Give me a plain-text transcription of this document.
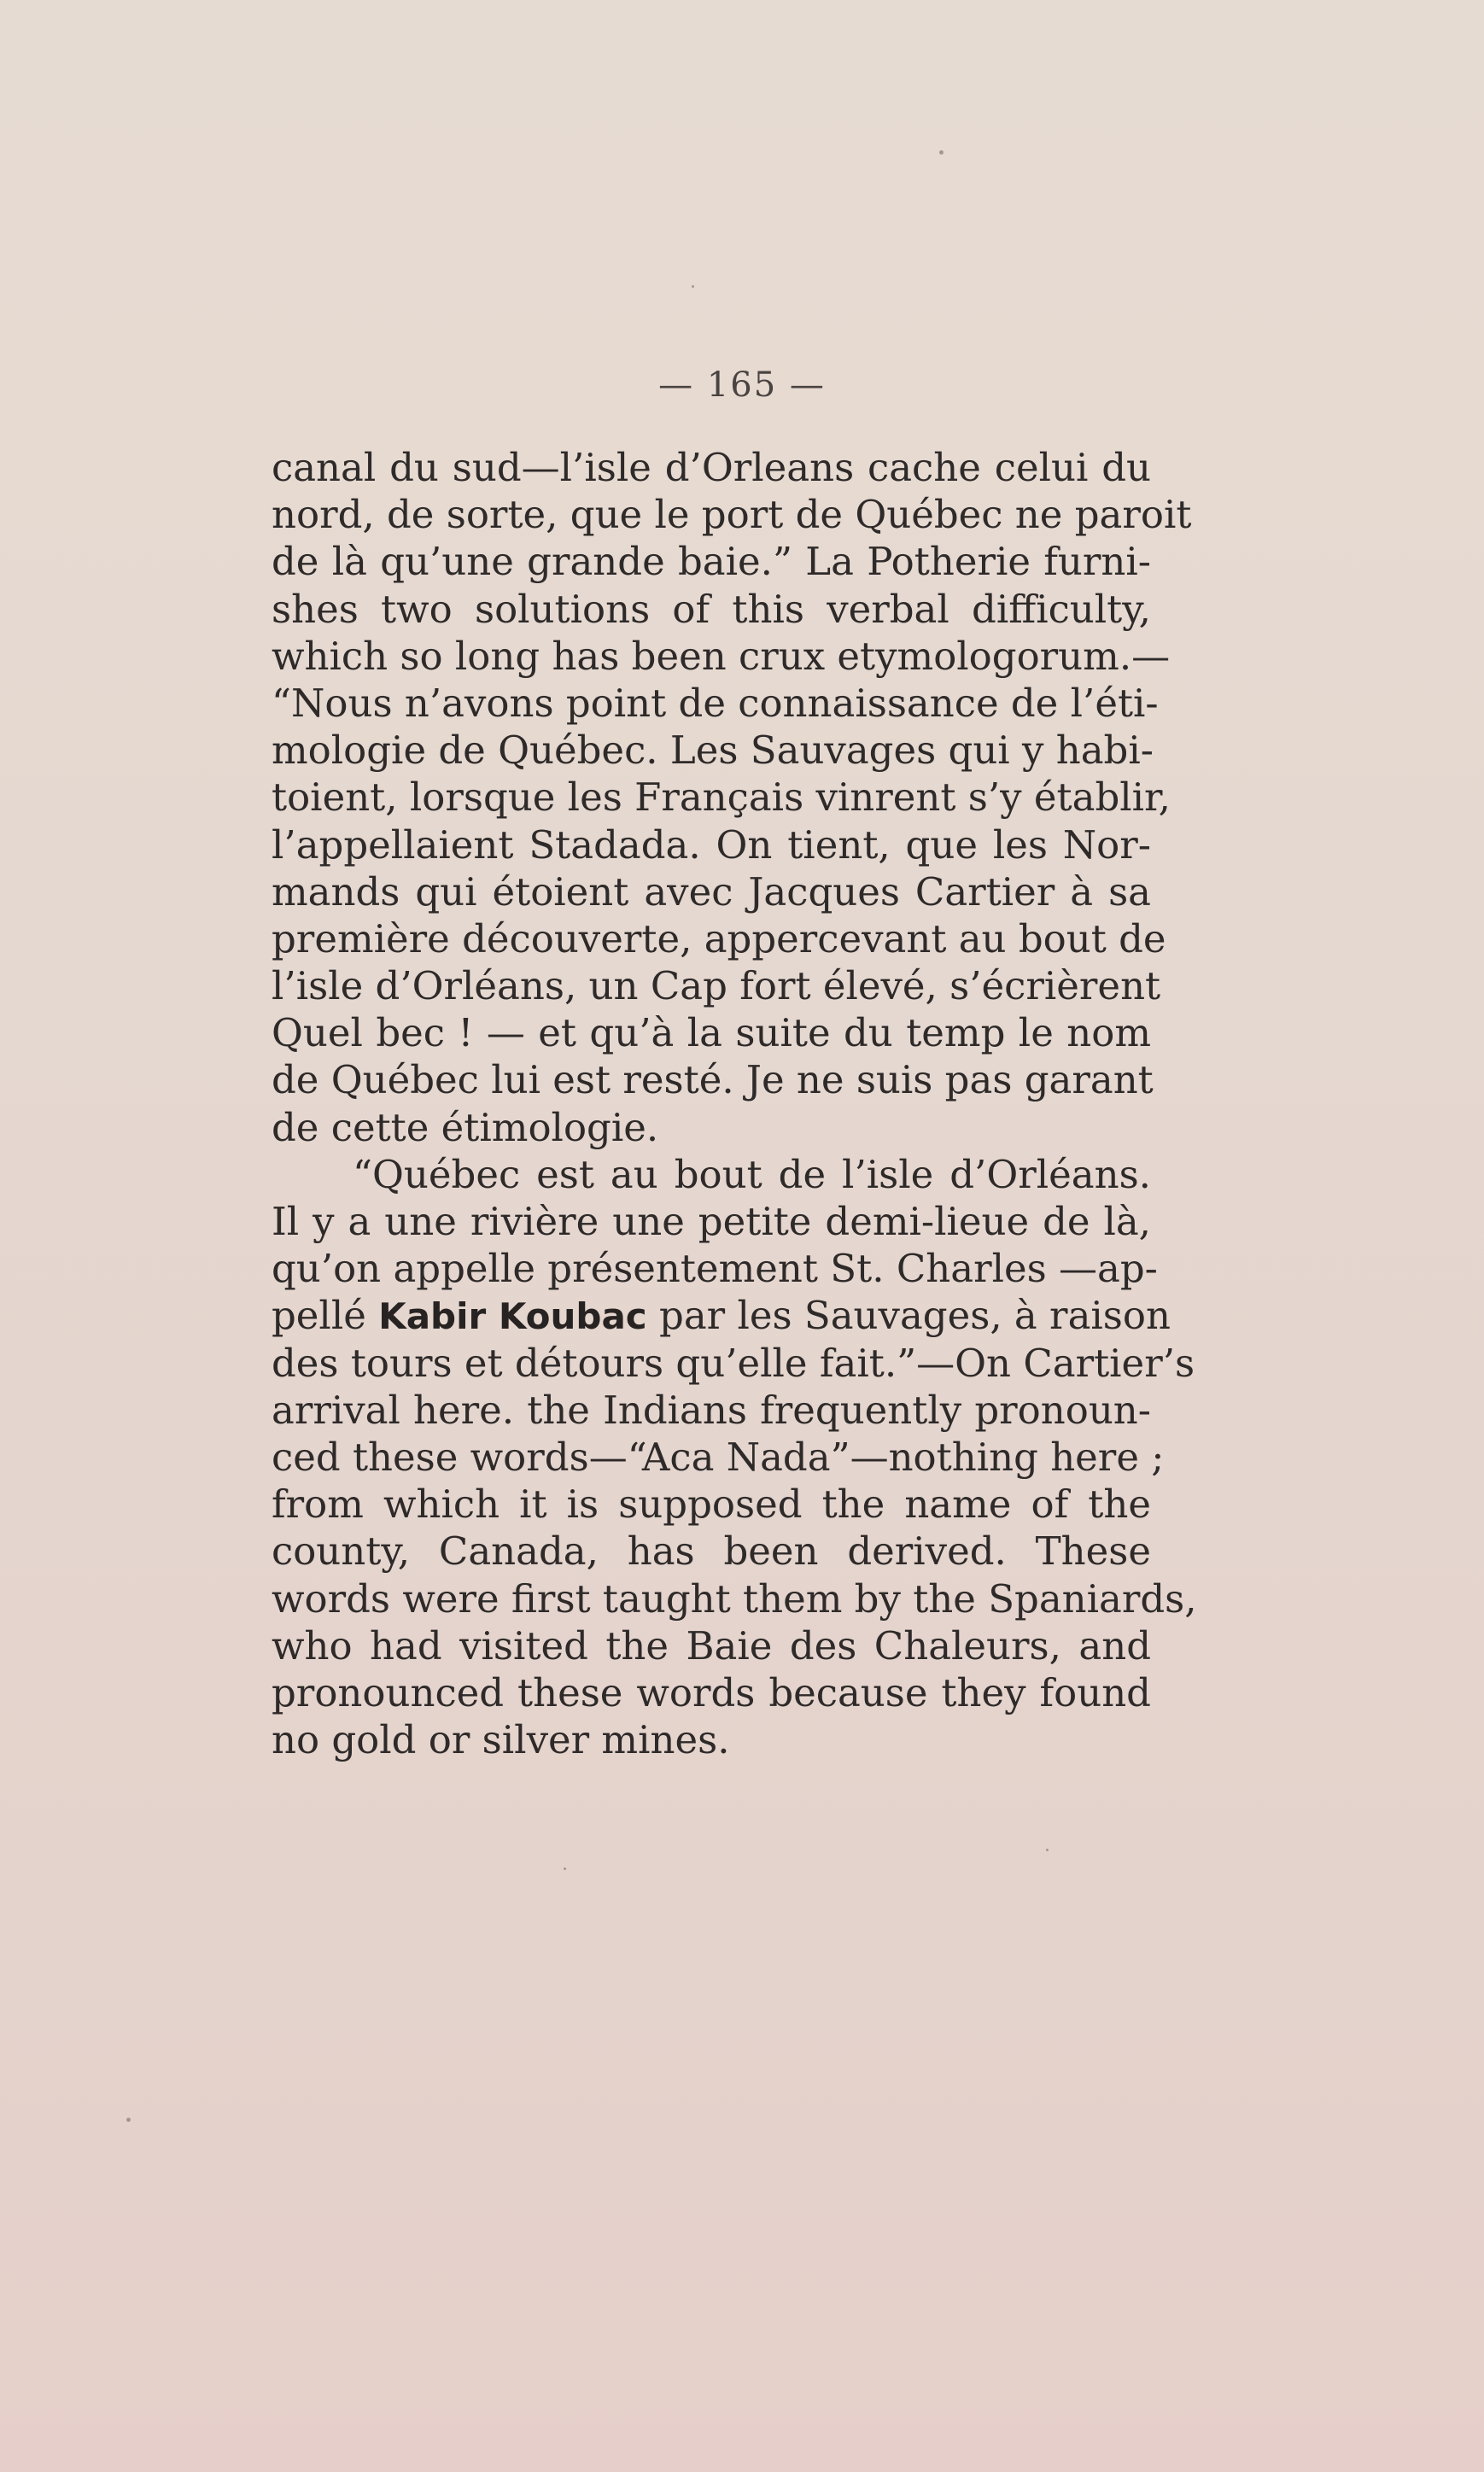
— 165 —
canal du sud—l’isle d’Orleans cache celui du
nord, de sorte, que le port de Québec ne paroit
de là qu’une grande baie.” La Potherie furni-
shes two solutions of this verbal difficulty,
which so long has been crux etymologorum.—
“Nous n’avons point de connaissance de l’éti-
mologie de Québec. Les Sauvages qui y habi-
toient, lorsque les Français vinrent s’y établir,
l’appellaient Stadada. On tient, que les Nor-
mands qui étoient avec Jacques Cartier à sa
première découverte, appercevant au bout de
l’isle d’Orléans, un Cap fort élevé, s’écrièrent
Quel bec ! — et qu’à la suite du temp le nom
de Québec lui est resté. Je ne suis pas garant
de cette étimologie.
“Québec est au bout de l’isle d’Orléans.
Il y a une rivière une petite demi-lieue de là,
qu’on appelle présentement St. Charles —ap-
pellé Kabir Koubac par les Sauvages, à raison
des tours et détours qu’elle fait.”—On Cartier’s
arrival here. the Indians frequently pronoun-
ced these words—“Aca Nada”—nothing here ;
from which it is supposed the name of the
county, Canada, has been derived. These
words were first taught them by the Spaniards,
who had visited the Baie des Chaleurs, and
pronounced these words because they found
no gold or silver mines.
